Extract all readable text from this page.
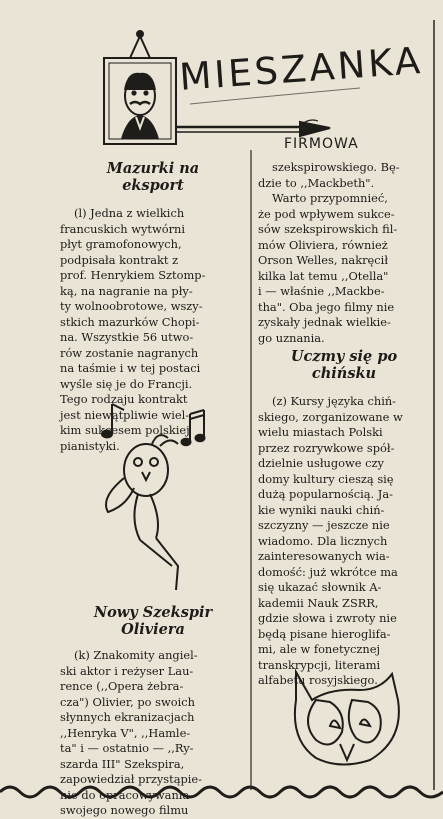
MIESZANKA
FIRMOWA
Mazurki na
eksport

(l) Jedna z wielkich
francuskich wytwórni
płyt gramofonowych,
podpisała kontrakt z
prof. Henrykiem Sztomp-
ką, na nagranie na pły-
ty wolnoobrotowe, wszy-
stkich mazurków Chopi-
na. Wszystkie 56 utwo-
rów zostanie nagranych
na taśmie i w tej postaci
wyśle się je do Francji.
Tego rodzaju kontrakt
jest niewątpliwie wiel-
kim sukcesem polskiej
pianistyki.

Nowy Szekspir
Oliviera

(k) Znakomity angiel-
ski aktor i reżyser Lau-
rence (,,Opera żebra-
cza") Olivier, po swoich
słynnych ekranizacjach
,,Henryka V", ,,Hamle-
ta" i — ostatnio — ,,Ry-
szarda III" Szekspira,
zapowiedział przystąpie-
nie do opracowywania
swojego nowego filmu

szekspirowskiego. Bę-
dzie to ,,Mackbeth".
Warto przypomnieć,
że pod wpływem sukce-
sów szekspirowskich fil-
mów Oliviera, również
Orson Welles, nakręcił
kilka lat temu ,,Otella"
i — właśnie ,,Mackbe-
tha". Oba jego filmy nie
zyskały jednak wielkie-
go uznania.

Uczmy się po
chińsku

(z) Kursy języka chiń-
skiego, zorganizowane w
wielu miastach Polski
przez rozrywkowe spół-
dzielnie usługowe czy
domy kultury cieszą się
dużą popularnością. Ja-
kie wyniki nauki chiń-
szczyzny — jeszcze nie
wiadomo. Dla licznych
zainteresowanych wia-
domość: już wkrótce ma
się ukazać słownik A-
kademii Nauk ZSRR,
gdzie słowa i zwroty nie
będą pisane hieroglifa-
mi, ale w fonetycznej
transkrypcji, literami
alfabetu rosyjskiego.
